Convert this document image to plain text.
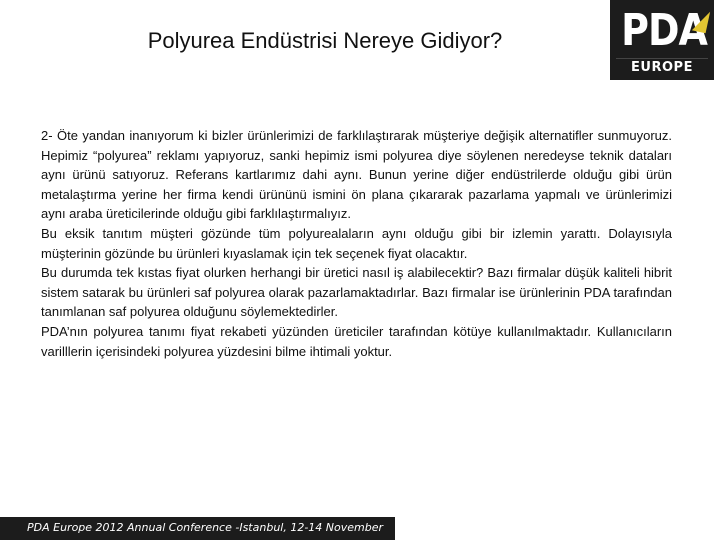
Polyurea Endüstrisi Nereye Gidiyor?	PDA
EUROPE

2- Öte yandan inanıyorum ki bizler ürünlerimizi de farklılaştırarak müşteriye değişik alternatifler sunmuyoruz. Hepimiz “polyurea” reklamı yapıyoruz, sanki hepimiz ismi polyurea diye söylenen neredeyse teknik dataları aynı ürünü satıyoruz. Referans kartlarımız dahi aynı. Bunun yerine diğer endüstrilerde olduğu gibi ürün metalaştırma yerine her firma kendi ürününü ismini ön plana çıkararak pazarlama yapmalı ve ürünlerimizi aynı araba üreticilerinde olduğu gibi farklılaştırmalıyız.

Bu eksik tanıtım müşteri gözünde tüm polyurealaların aynı olduğu gibi bir izlemin yarattı. Dolayısıyla müşterinin gözünde bu ürünleri kıyaslamak için tek seçenek fiyat olacaktır.

Bu durumda tek kıstas fiyat olurken herhangi bir üretici nasıl iş alabilecektir? Bazı firmalar düşük kaliteli hibrit sistem satarak bu ürünleri saf polyurea olarak pazarlamaktadırlar. Bazı firmalar ise ürünlerinin PDA tarafından tanımlanan saf polyurea olduğunu söylemektedirler.

PDA’nın polyurea tanımı fiyat rekabeti yüzünden üreticiler tarafından kötüye kullanılmaktadır. Kullanıcıların varilllerin içerisindeki polyurea yüzdesini bilme ihtimali yoktur.

PDA Europe 2012 Annual Conference -Istanbul, 12-14 November
